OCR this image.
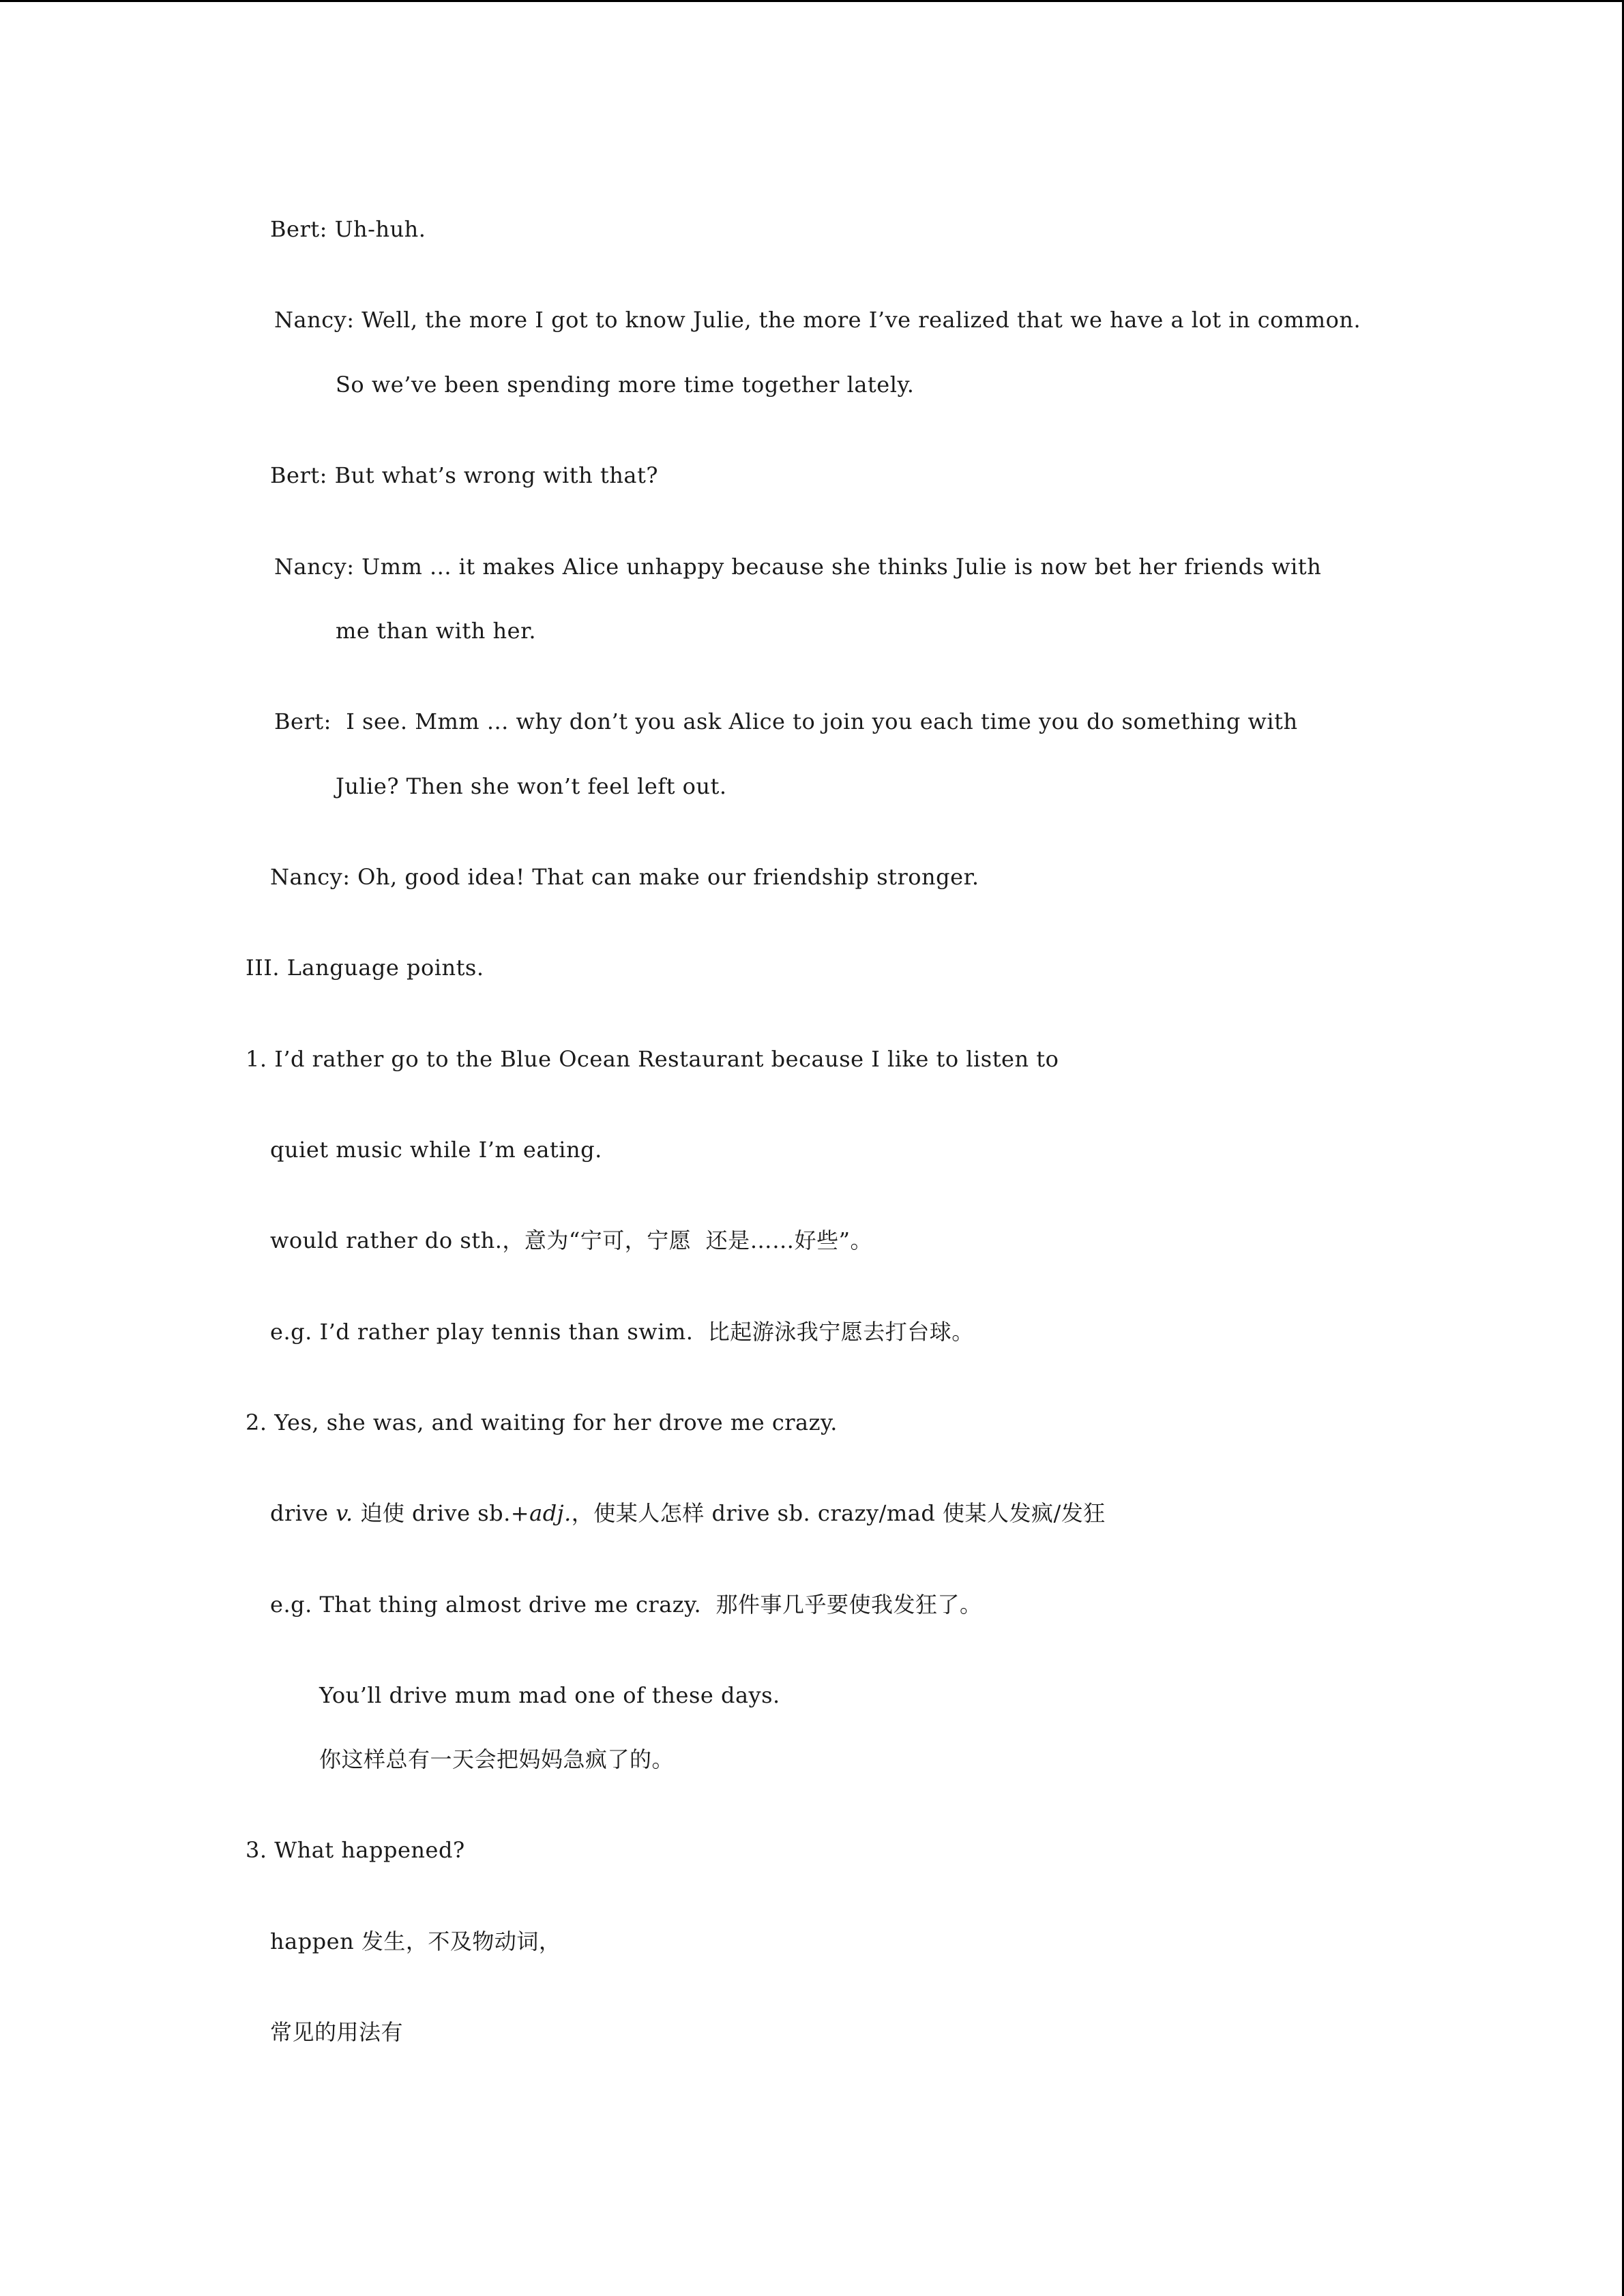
Bert: Uh-huh.
Nancy: Well, the more I got to know Julie, the more I’ve realized that we have a lot in common.
So we’ve been spending more time together lately.
Bert: But what’s wrong with that?
Nancy: Umm ... it makes Alice unhappy because she thinks Julie is now bet her friends with
me than with her.
Bert:  I see. Mmm ... why don’t you ask Alice to join you each time you do something with
Julie? Then she won’t feel left out.
Nancy: Oh, good idea! That can make our friendship stronger.
III. Language points.
1. I’d rather go to the Blue Ocean Restaurant because I like to listen to
quiet music while I’m eating.
would rather do sth.，意为“宁可，宁愿  还是……好些”。
e.g. I’d rather play tennis than swim.  比起游泳我宁愿去打台球。
2. Yes, she was, and waiting for her drove me crazy.
drive v. 迫使 drive sb.+adj.，使某人怎样 drive sb. crazy/mad 使某人发疯/发狂
e.g. That thing almost drive me crazy.  那件事几乎要使我发狂了。
You’ll drive mum mad one of these days.
你这样总有一天会把妈妈急疯了的。
3. What happened?
happen 发生，不及物动词，
常见的用法有
